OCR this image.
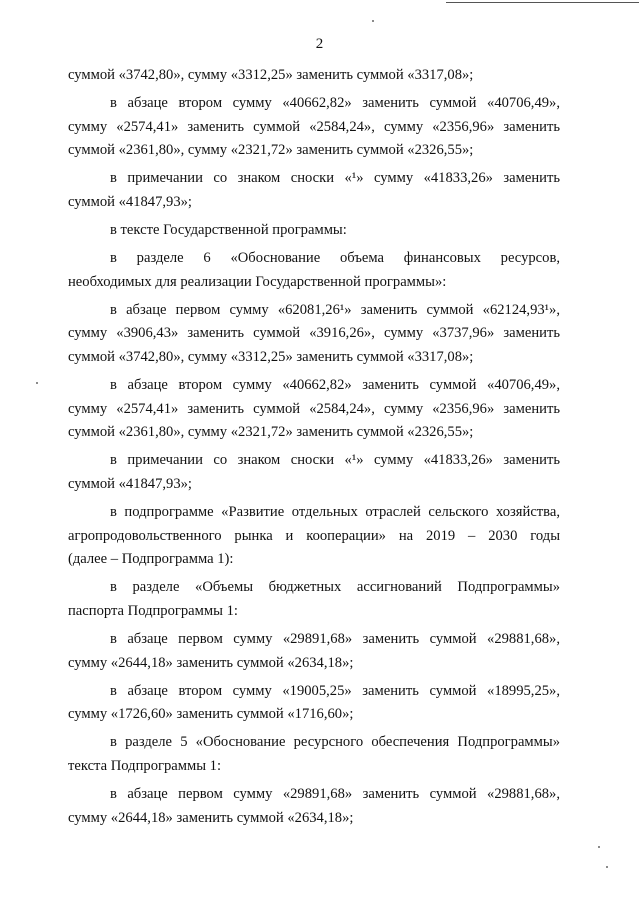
2
суммой «3742,80», сумму «3312,25» заменить суммой «3317,08»;
в абзаце втором сумму «40662,82» заменить суммой «40706,49»,
сумму «2574,41» заменить суммой «2584,24», сумму «2356,96» заменить
суммой «2361,80», сумму «2321,72» заменить суммой «2326,55»;
в примечании со знаком сноски «¹» сумму «41833,26» заменить
суммой «41847,93»;
в тексте Государственной программы:
в разделе 6 «Обоснование объема финансовых ресурсов,
необходимых для реализации Государственной программы»:
в абзаце первом сумму «62081,26¹» заменить суммой «62124,93¹»,
сумму «3906,43» заменить суммой «3916,26», сумму «3737,96» заменить
суммой «3742,80», сумму «3312,25» заменить суммой «3317,08»;
в абзаце втором сумму «40662,82» заменить суммой «40706,49»,
сумму «2574,41» заменить суммой «2584,24», сумму «2356,96» заменить
суммой «2361,80», сумму «2321,72» заменить суммой «2326,55»;
в примечании со знаком сноски «¹» сумму «41833,26» заменить
суммой «41847,93»;
в подпрограмме «Развитие отдельных отраслей сельского хозяйства,
агропродовольственного рынка и кооперации» на 2019 – 2030 годы
(далее – Подпрограмма 1):
в разделе «Объемы бюджетных ассигнований Подпрограммы»
паспорта Подпрограммы 1:
в абзаце первом сумму «29891,68» заменить суммой «29881,68»,
сумму «2644,18» заменить суммой «2634,18»;
в абзаце втором сумму «19005,25» заменить суммой «18995,25»,
сумму «1726,60» заменить суммой «1716,60»;
в разделе 5 «Обоснование ресурсного обеспечения Подпрограммы»
текста Подпрограммы 1:
в абзаце первом сумму «29891,68» заменить суммой «29881,68»,
сумму «2644,18» заменить суммой «2634,18»;
